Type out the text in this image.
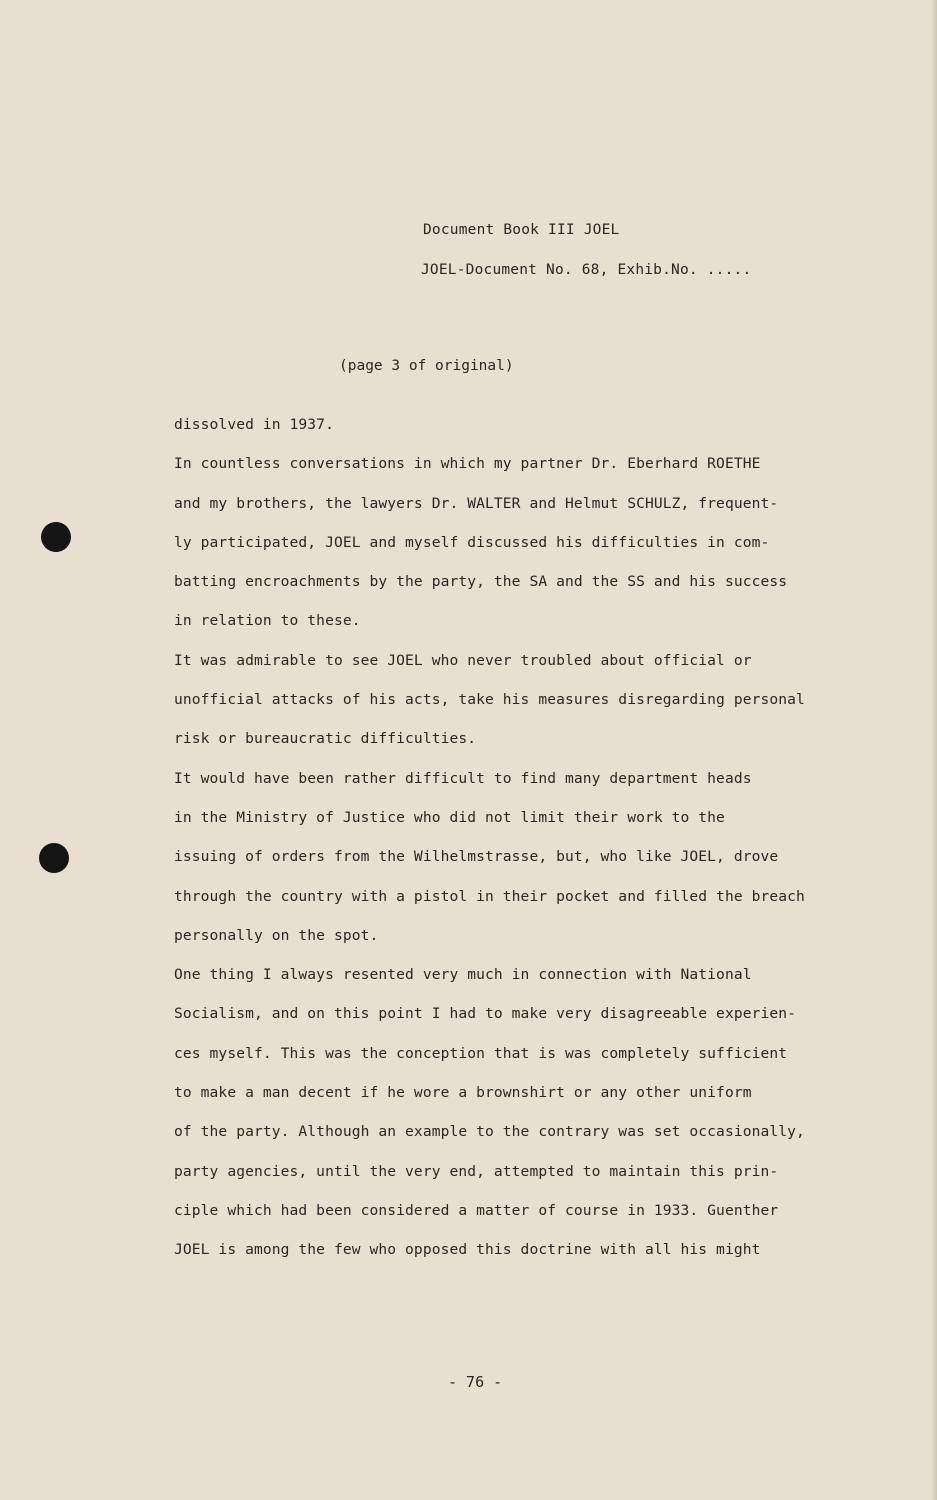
Document Book III JOEL

JOEL-Document No. 68, Exhib.No. .....

(page 3 of original)

dissolved in 1937.
In countless conversations in which my partner Dr. Eberhard ROETHE
and my brothers, the lawyers Dr. WALTER and Helmut SCHULZ, frequent-
ly participated, JOEL and myself discussed his difficulties in com-
batting encroachments by the party, the SA and the SS and his success
in relation to these.
It was admirable to see JOEL who never troubled about official or
unofficial attacks of his acts, take his measures disregarding personal
risk or bureaucratic difficulties.
It would have been rather difficult to find many department heads
in the Ministry of Justice who did not limit their work to the
issuing of orders from the Wilhelmstrasse, but, who like JOEL, drove
through the country with a pistol in their pocket and filled the breach
personally on the spot.
One thing I always resented very much in connection with National
Socialism, and on this point I had to make very disagreeable experien-
ces myself. This was the conception that is was completely sufficient
to make a man decent if he wore a brownshirt or any other uniform
of the party. Although an example to the contrary was set occasionally,
party agencies, until the very end, attempted to maintain this prin-
ciple which had been considered a matter of course in 1933. Guenther
JOEL is among the few who opposed this doctrine with all his might

- 76 -
